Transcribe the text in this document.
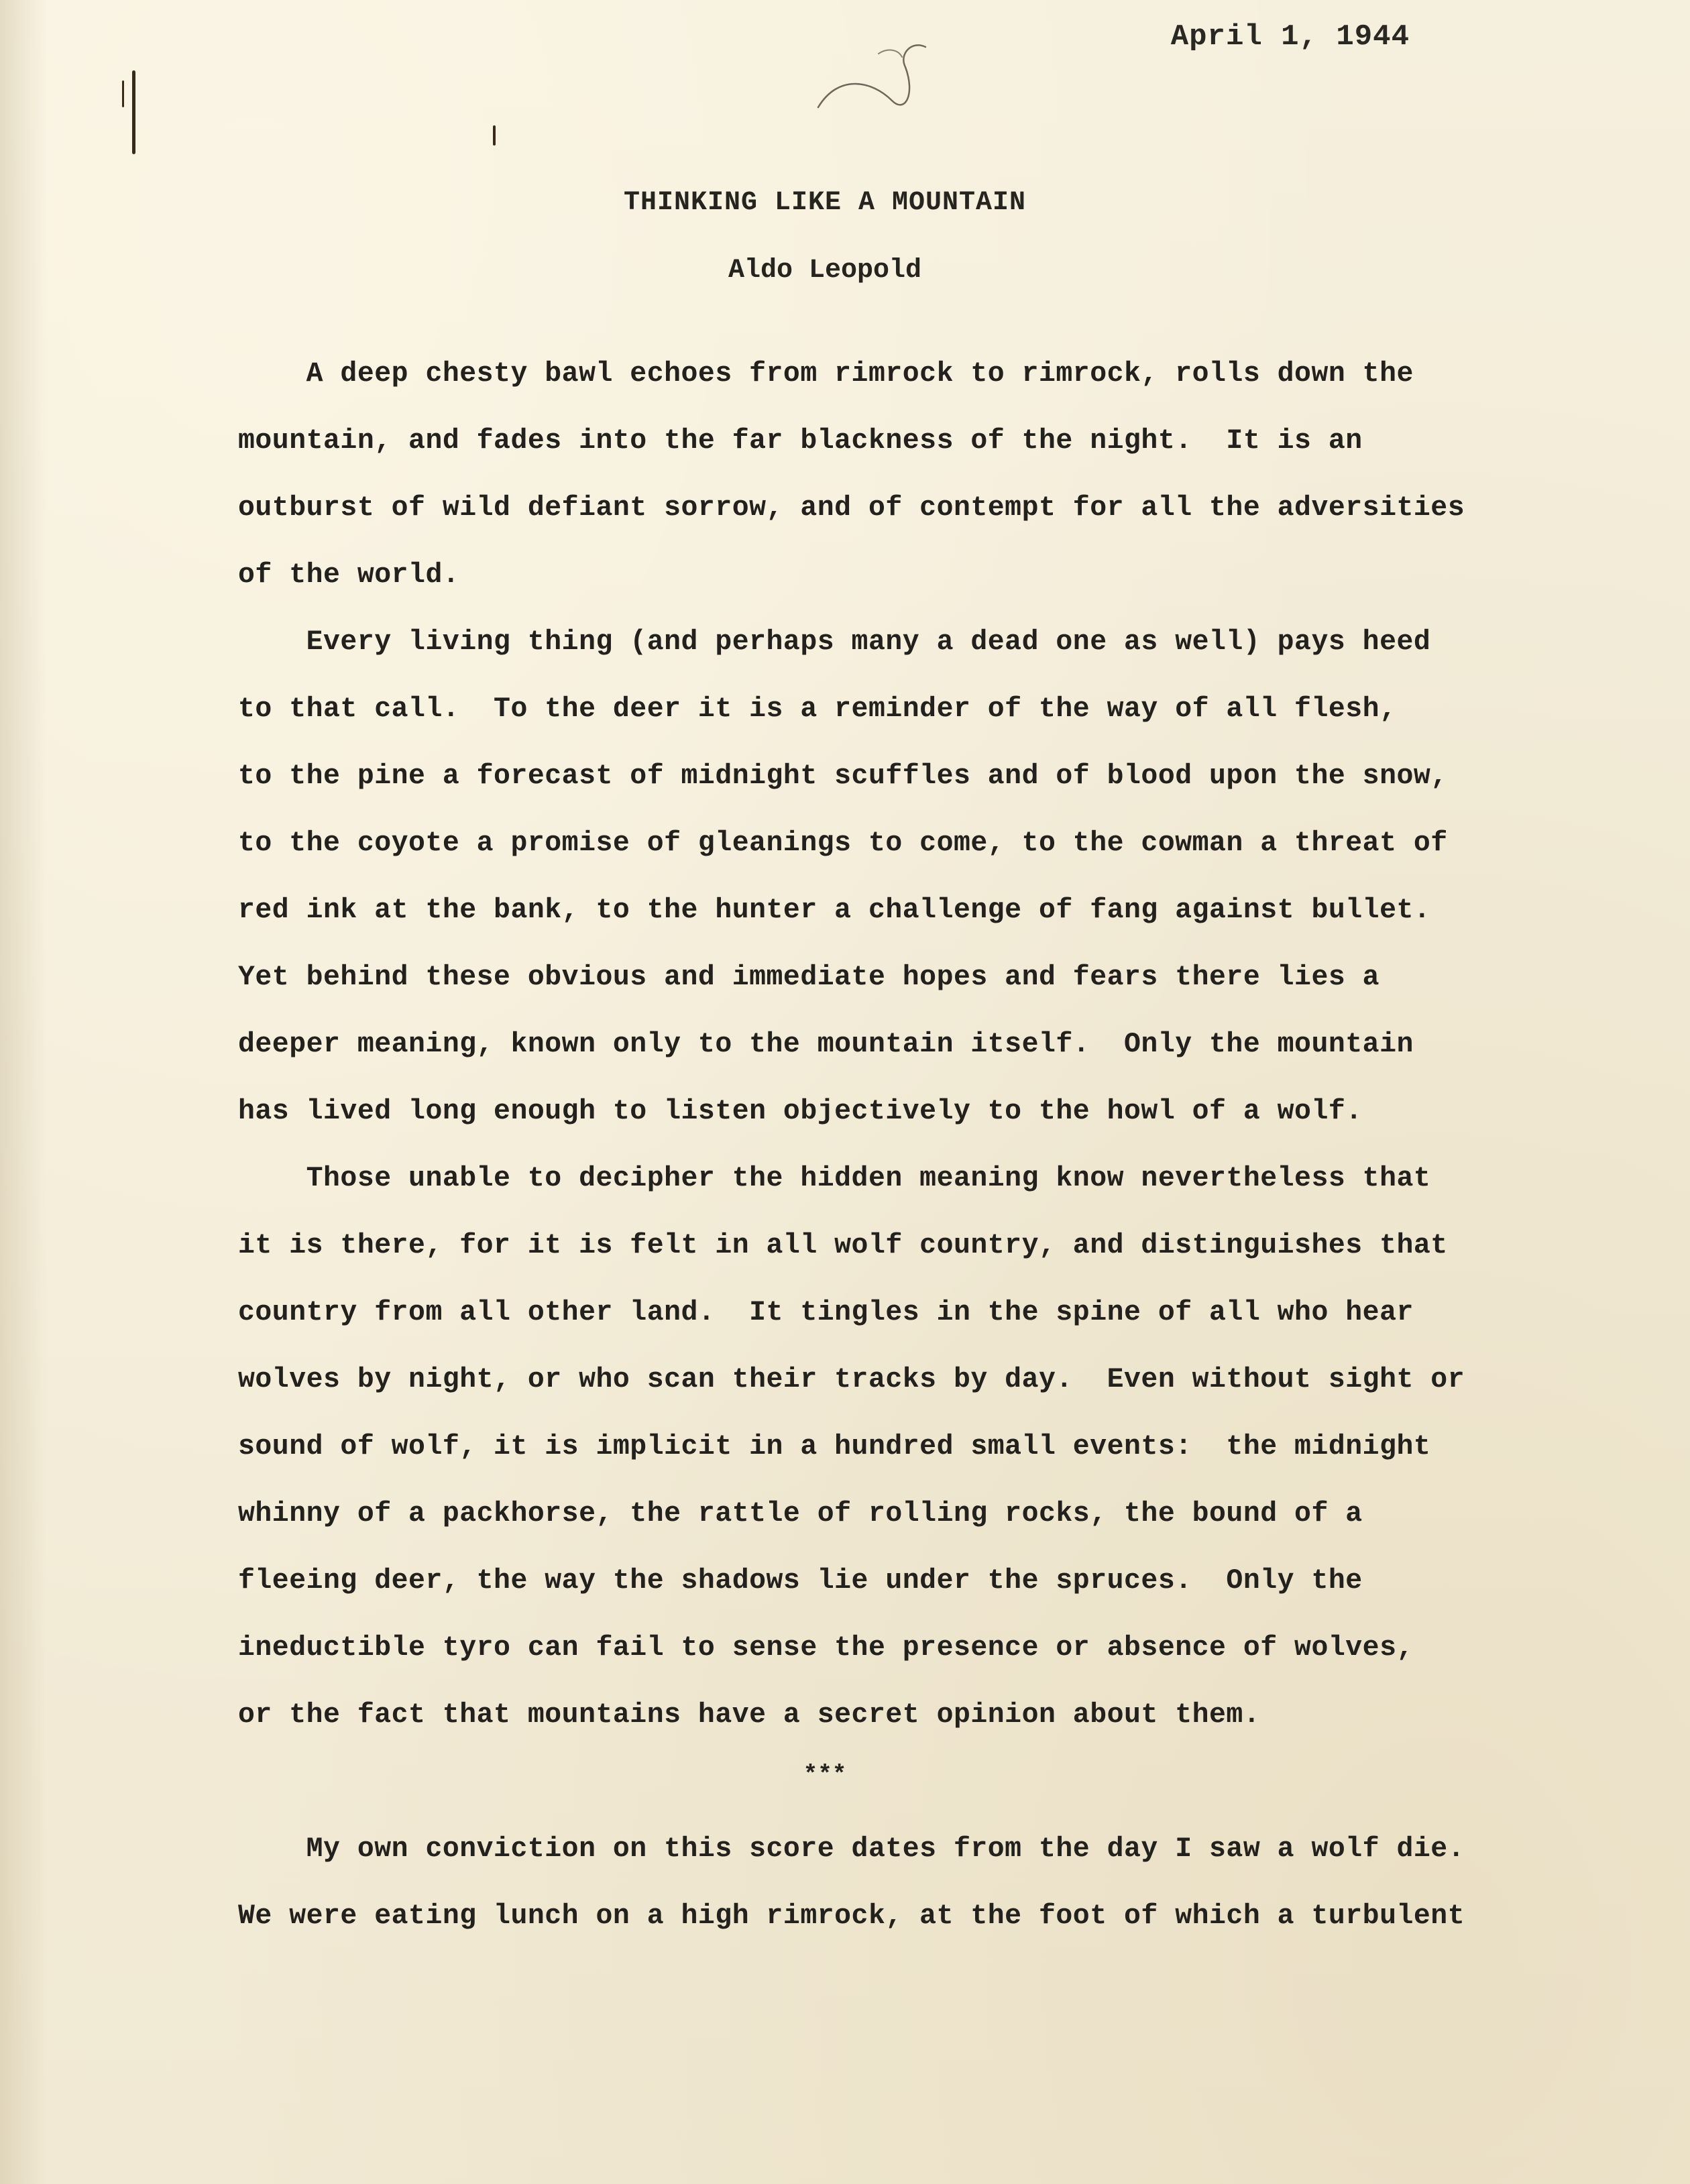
April 1, 1944
THINKING LIKE A MOUNTAIN
Aldo Leopold
A deep chesty bawl echoes from rimrock to rimrock, rolls down the
mountain, and fades into the far blackness of the night.  It is an
outburst of wild defiant sorrow, and of contempt for all the adversities
of the world.
Every living thing (and perhaps many a dead one as well) pays heed
to that call.  To the deer it is a reminder of the way of all flesh,
to the pine a forecast of midnight scuffles and of blood upon the snow,
to the coyote a promise of gleanings to come, to the cowman a threat of
red ink at the bank, to the hunter a challenge of fang against bullet.
Yet behind these obvious and immediate hopes and fears there lies a
deeper meaning, known only to the mountain itself.  Only the mountain
has lived long enough to listen objectively to the howl of a wolf.
Those unable to decipher the hidden meaning know nevertheless that
it is there, for it is felt in all wolf country, and distinguishes that
country from all other land.  It tingles in the spine of all who hear
wolves by night, or who scan their tracks by day.  Even without sight or
sound of wolf, it is implicit in a hundred small events:  the midnight
whinny of a packhorse, the rattle of rolling rocks, the bound of a
fleeing deer, the way the shadows lie under the spruces.  Only the
ineductible tyro can fail to sense the presence or absence of wolves,
or the fact that mountains have a secret opinion about them.
***
My own conviction on this score dates from the day I saw a wolf die.
We were eating lunch on a high rimrock, at the foot of which a turbulent
